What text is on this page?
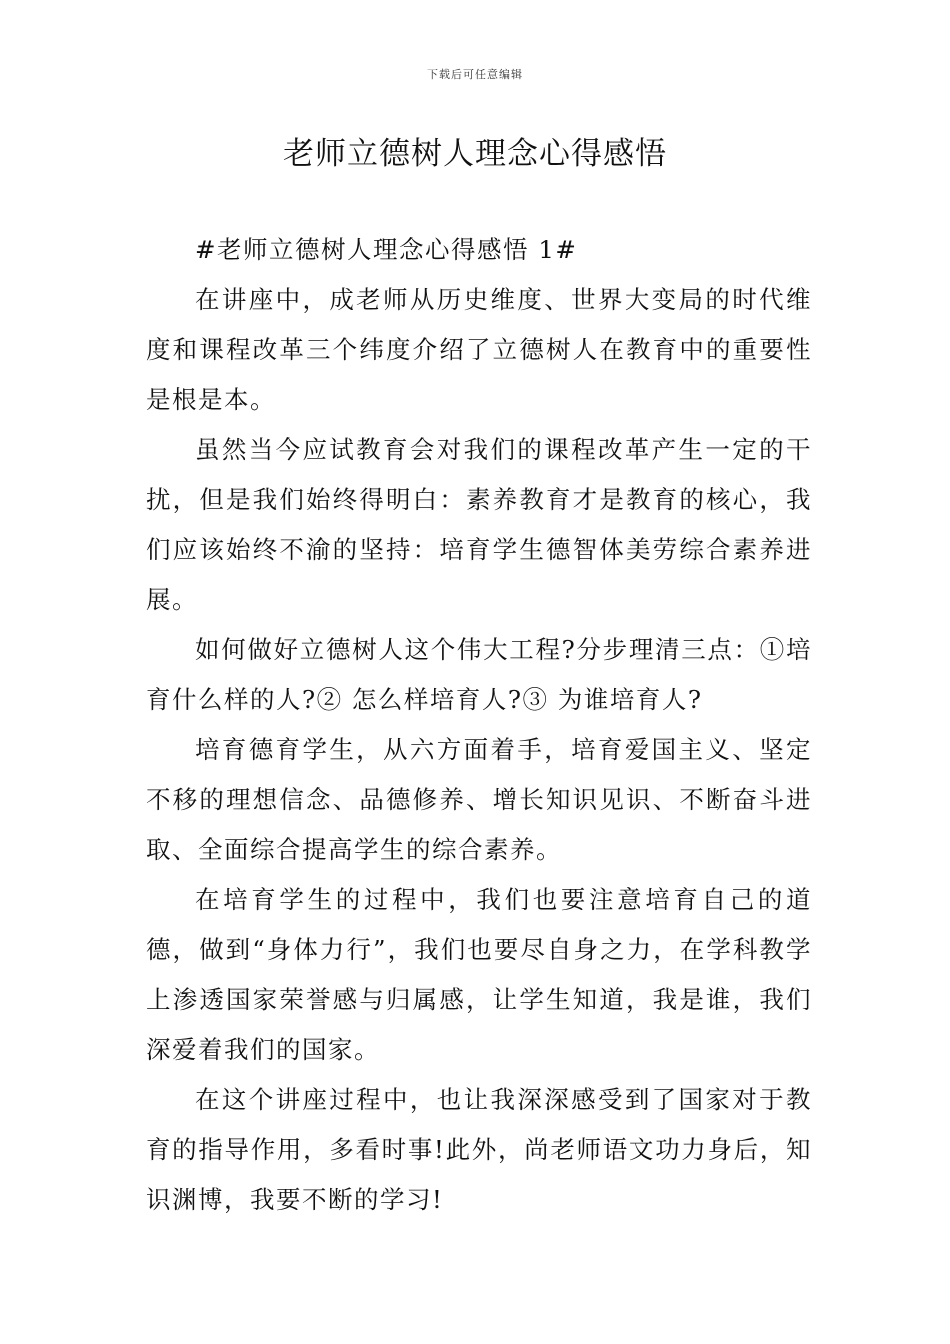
下载后可任意编辑
老师立德树人理念心得感悟

#老师立德树人理念心得感悟 1#

在讲座中，成老师从历史维度、世界大变局的时代维度和课程改革三个纬度介绍了立德树人在教育中的重要性是根是本。

虽然当今应试教育会对我们的课程改革产生一定的干扰，但是我们始终得明白：素养教育才是教育的核心，我们应该始终不渝的坚持：培育学生德智体美劳综合素养进展。

如何做好立德树人这个伟大工程?分步理清三点：①培育什么样的人?② 怎么样培育人?③ 为谁培育人?

培育德育学生，从六方面着手，培育爱国主义、坚定不移的理想信念、品德修养、增长知识见识、不断奋斗进取、全面综合提高学生的综合素养。

在培育学生的过程中，我们也要注意培育自己的道德，做到“身体力行”，我们也要尽自身之力，在学科教学上渗透国家荣誉感与归属感，让学生知道，我是谁，我们深爱着我们的国家。

在这个讲座过程中，也让我深深感受到了国家对于教育的指导作用，多看时事!此外，尚老师语文功力身后，知识渊博，我要不断的学习!
